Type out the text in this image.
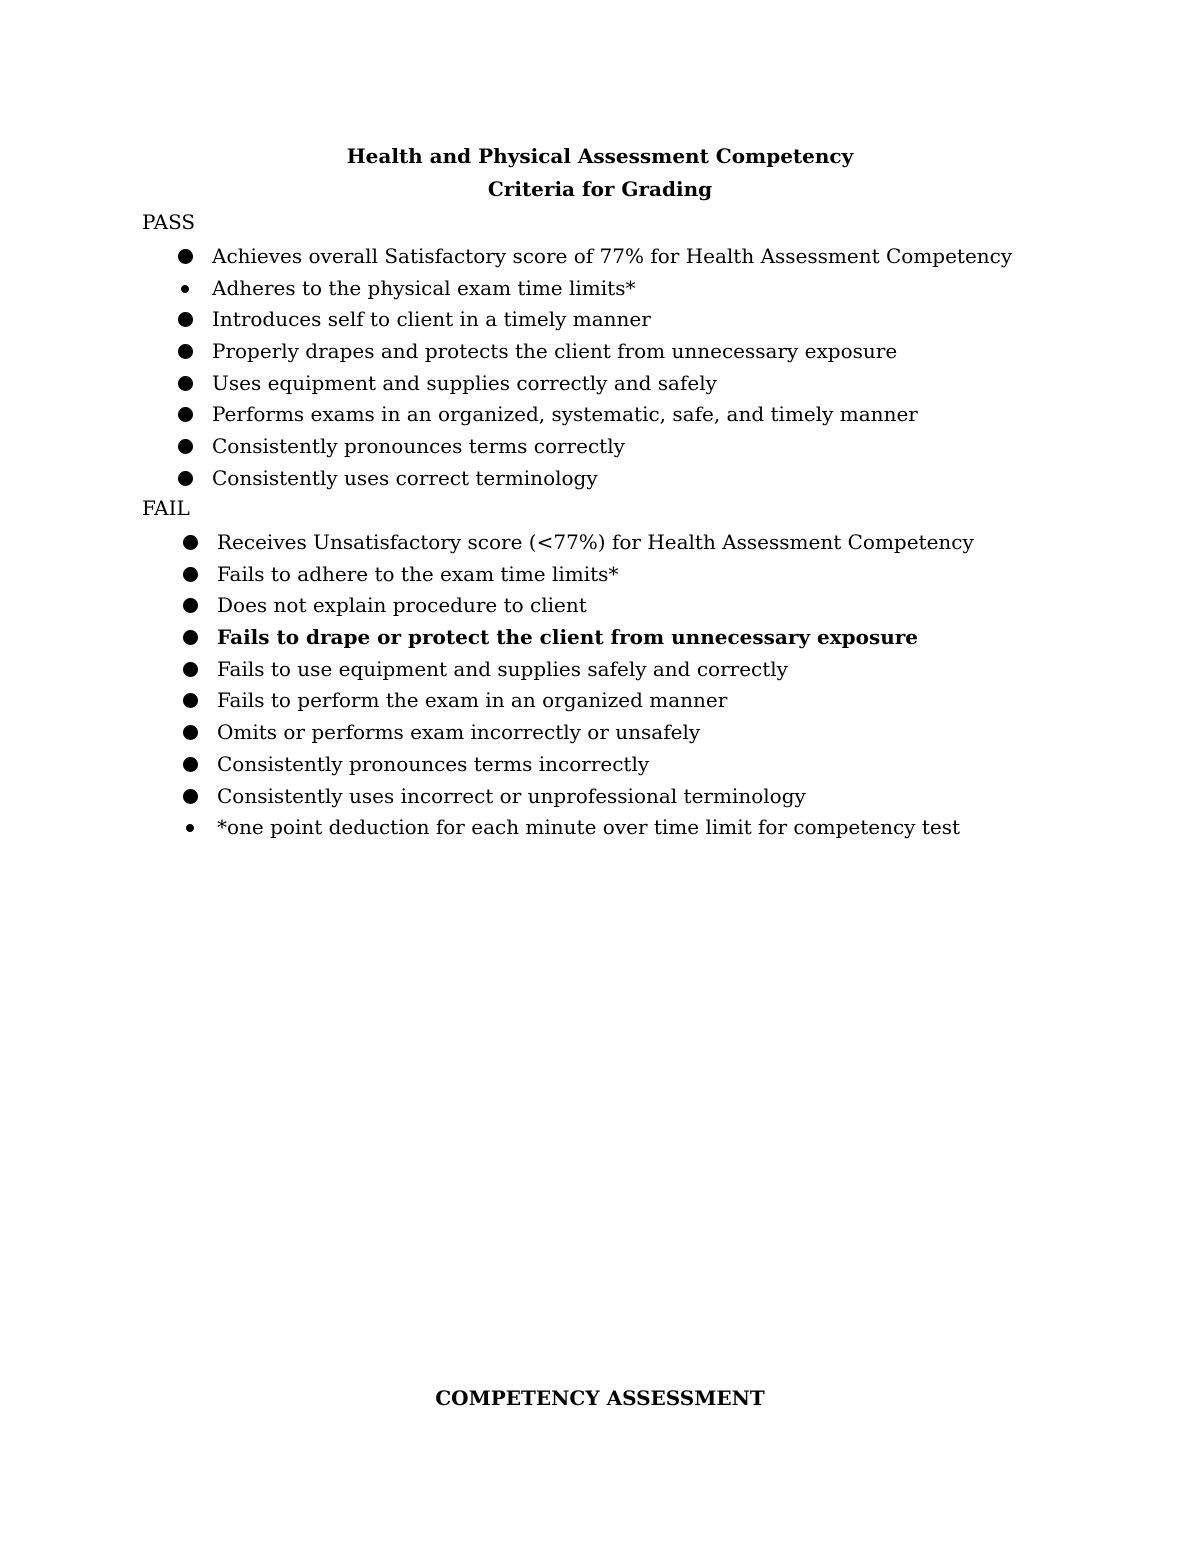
Health and Physical Assessment Competency
Criteria for Grading
PASS
Achieves overall Satisfactory score of 77% for Health Assessment Competency
Adheres to the physical exam time limits*
Introduces self to client in a timely manner
Properly drapes and protects the client from unnecessary exposure
Uses equipment and supplies correctly and safely
Performs exams in an organized, systematic, safe, and timely manner
Consistently pronounces terms correctly
Consistently uses correct terminology
FAIL
Receives Unsatisfactory score (<77%) for Health Assessment Competency
Fails to adhere to the exam time limits*
Does not explain procedure to client
Fails to drape or protect the client from unnecessary exposure
Fails to use equipment and supplies safely and correctly
Fails to perform the exam in an organized manner
Omits or performs exam incorrectly or unsafely
Consistently pronounces terms incorrectly
Consistently uses incorrect or unprofessional terminology
*one point deduction for each minute over time limit for competency test
COMPETENCY ASSESSMENT
